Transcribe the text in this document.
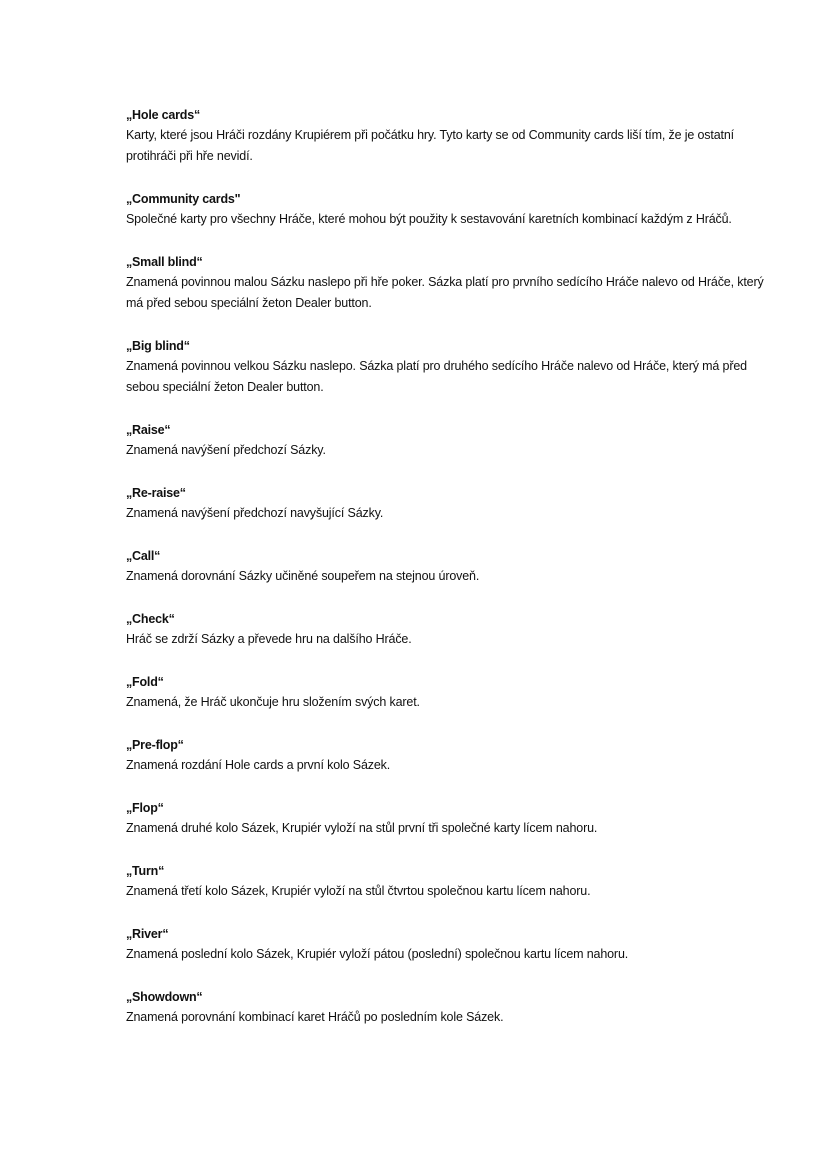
„Hole cards“
Karty, které jsou Hráči rozdány Krupiérem při počátku hry. Tyto karty se od Community cards liší tím, že je ostatní protihráči při hře nevidí.
„Community cards"
Společné karty pro všechny Hráče, které mohou být použity k sestavování karetních kombinací každým z Hráčů.
„Small blind“
Znamená povinnou malou Sázku naslepo při hře poker. Sázka platí pro prvního sedícího Hráče nalevo od Hráče, který má před sebou speciální žeton Dealer button.
„Big blind“
Znamená povinnou velkou Sázku naslepo. Sázka platí pro druhého sedícího Hráče nalevo od Hráče, který má před sebou speciální žeton Dealer button.
„Raise“
Znamená navýšení předchozí Sázky.
„Re-raise“
Znamená navýšení předchozí navyšující Sázky.
„Call“
Znamená dorovnání Sázky učiněné soupeřem na stejnou úroveň.
„Check“
Hráč se zdrží Sázky a převede hru na dalšího Hráče.
„Fold“
Znamená, že Hráč ukončuje hru složením svých karet.
„Pre-flop“
Znamená rozdání Hole cards a první kolo Sázek.
„Flop“
Znamená druhé kolo Sázek, Krupiér vyloží na stůl první tři společné karty lícem nahoru.
„Turn“
Znamená třetí kolo Sázek, Krupiér vyloží na stůl čtvrtou společnou kartu lícem nahoru.
„River“
Znamená poslední kolo Sázek, Krupiér vyloží pátou (poslední) společnou kartu lícem nahoru.
„Showdown“
Znamená porovnání kombinací karet Hráčů po posledním kole Sázek.
